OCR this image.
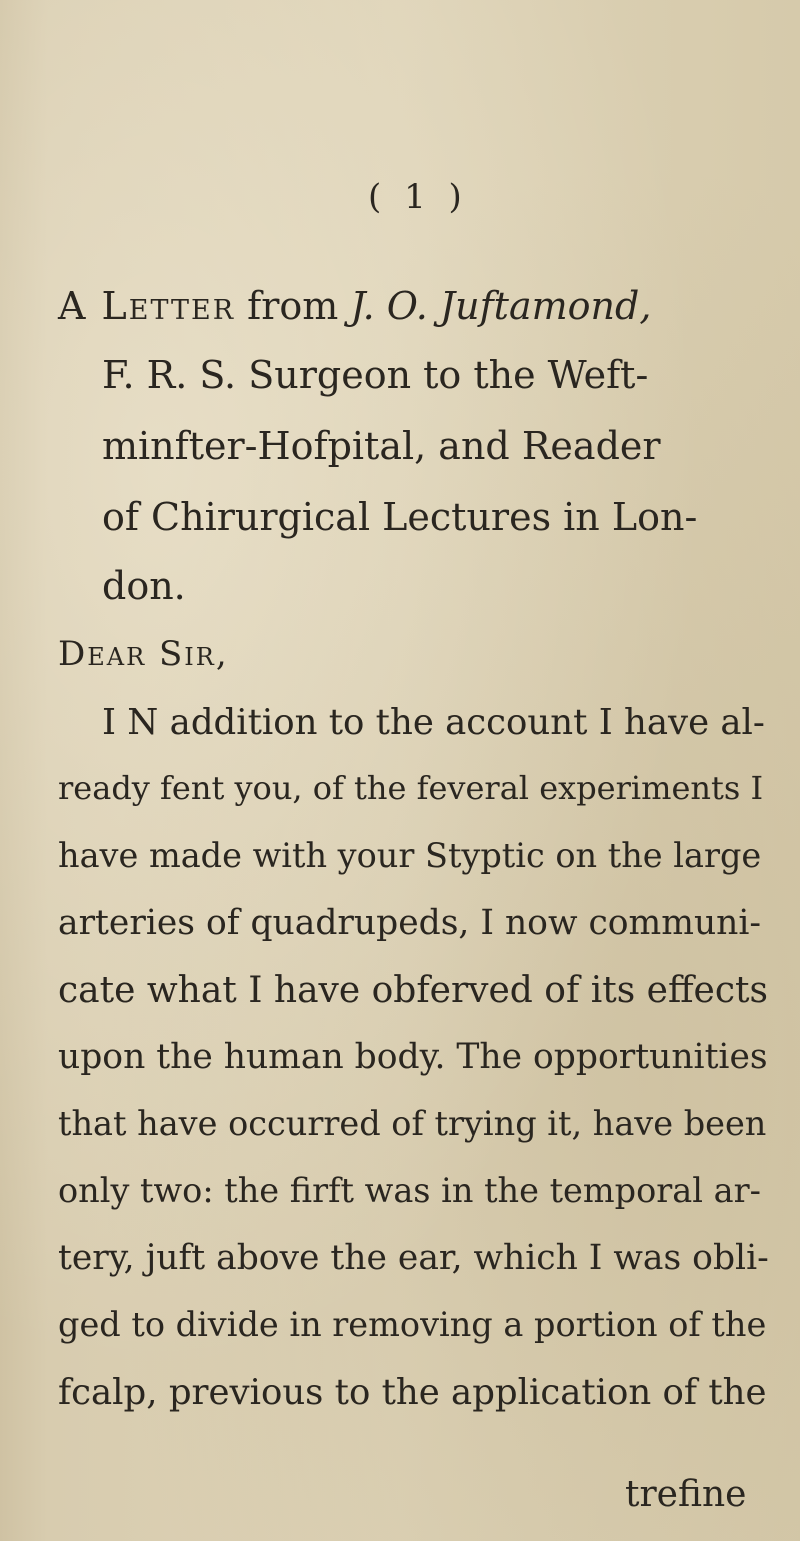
( 1 )
A Letter from J. O. Juftamond,
F. R. S. Surgeon to the Weft-
minfter-Hofpital, and Reader
of Chirurgical Lectures in Lon-
don.
Dear Sir,
I N addition to the account I have al-
ready fent you, of the feveral experiments I
have made with your Styptic on the large
arteries of quadrupeds, I now communi-
cate what I have obferved of its effects
upon the human body. The opportunities
that have occurred of trying it, have been
only two: the firft was in the temporal ar-
tery, juft above the ear, which I was obli-
ged to divide in removing a portion of the
fcalp, previous to the application of the
trefine
